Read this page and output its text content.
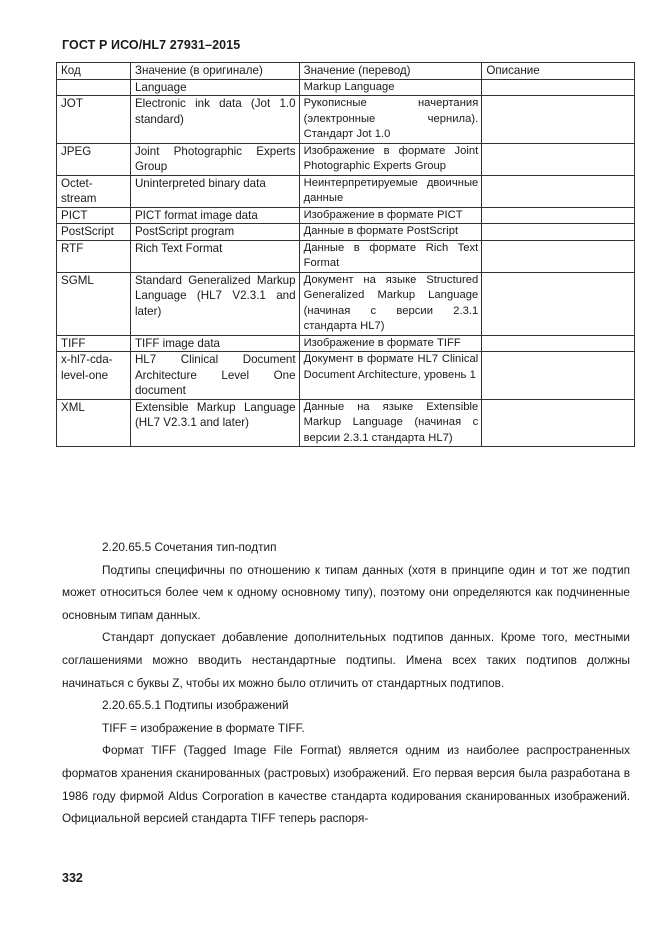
ГОСТ Р ИСО/HL7 27931–2015
Код	Значение (в оригинале)	Значение (перевод)	Описание
	Language	Markup Language	
JOT	Electronic ink data (Jot 1.0 standard)	Рукописные начертания (электронные чернила). Стандарт Jot 1.0	
JPEG	Joint Photographic Experts Group	Изображение в формате Joint Photographic Experts Group	
Octet-stream	Uninterpreted binary data	Неинтерпретируемые двоичные данные	
PICT	PICT format image data	Изображение в формате PICT	
PostScript	PostScript program	Данные в формате PostScript	
RTF	Rich Text Format	Данные в формате Rich Text Format	
SGML	Standard Generalized Markup Language (HL7 V2.3.1 and later)	Документ на языке Structured Generalized Markup Language (начиная с версии 2.3.1 стандарта HL7)	
TIFF	TIFF image data	Изображение в формате TIFF	
x-hl7-cda-level-one	HL7 Clinical Document Architecture Level One document	Документ в формате HL7 Clinical Document Architecture, уровень 1	
XML	Extensible Markup Language (HL7 V2.3.1 and later)	Данные на языке Extensible Markup Language (начиная с версии 2.3.1 стандарта HL7)	

2.20.65.5 Сочетания тип-подтип

Подтипы специфичны по отношению к типам данных (хотя в принципе один и тот же подтип может относиться более чем к одному основному типу), поэтому они определяются как подчиненные основным типам данных.

Стандарт допускает добавление дополнительных подтипов данных. Кроме того, местными соглашениями можно вводить нестандартные подтипы. Имена всех таких подтипов должны начинаться с буквы Z, чтобы их можно было отличить от стандартных подтипов.

2.20.65.5.1 Подтипы изображений

TIFF = изображение в формате TIFF.

Формат TIFF (Tagged Image File Format) является одним из наиболее распространенных форматов хранения сканированных (растровых) изображений. Его первая версия была разработана в 1986 году фирмой Aldus Corporation в качестве стандарта кодирования сканированных изображений. Официальной версией стандарта TIFF теперь распоря-

332
